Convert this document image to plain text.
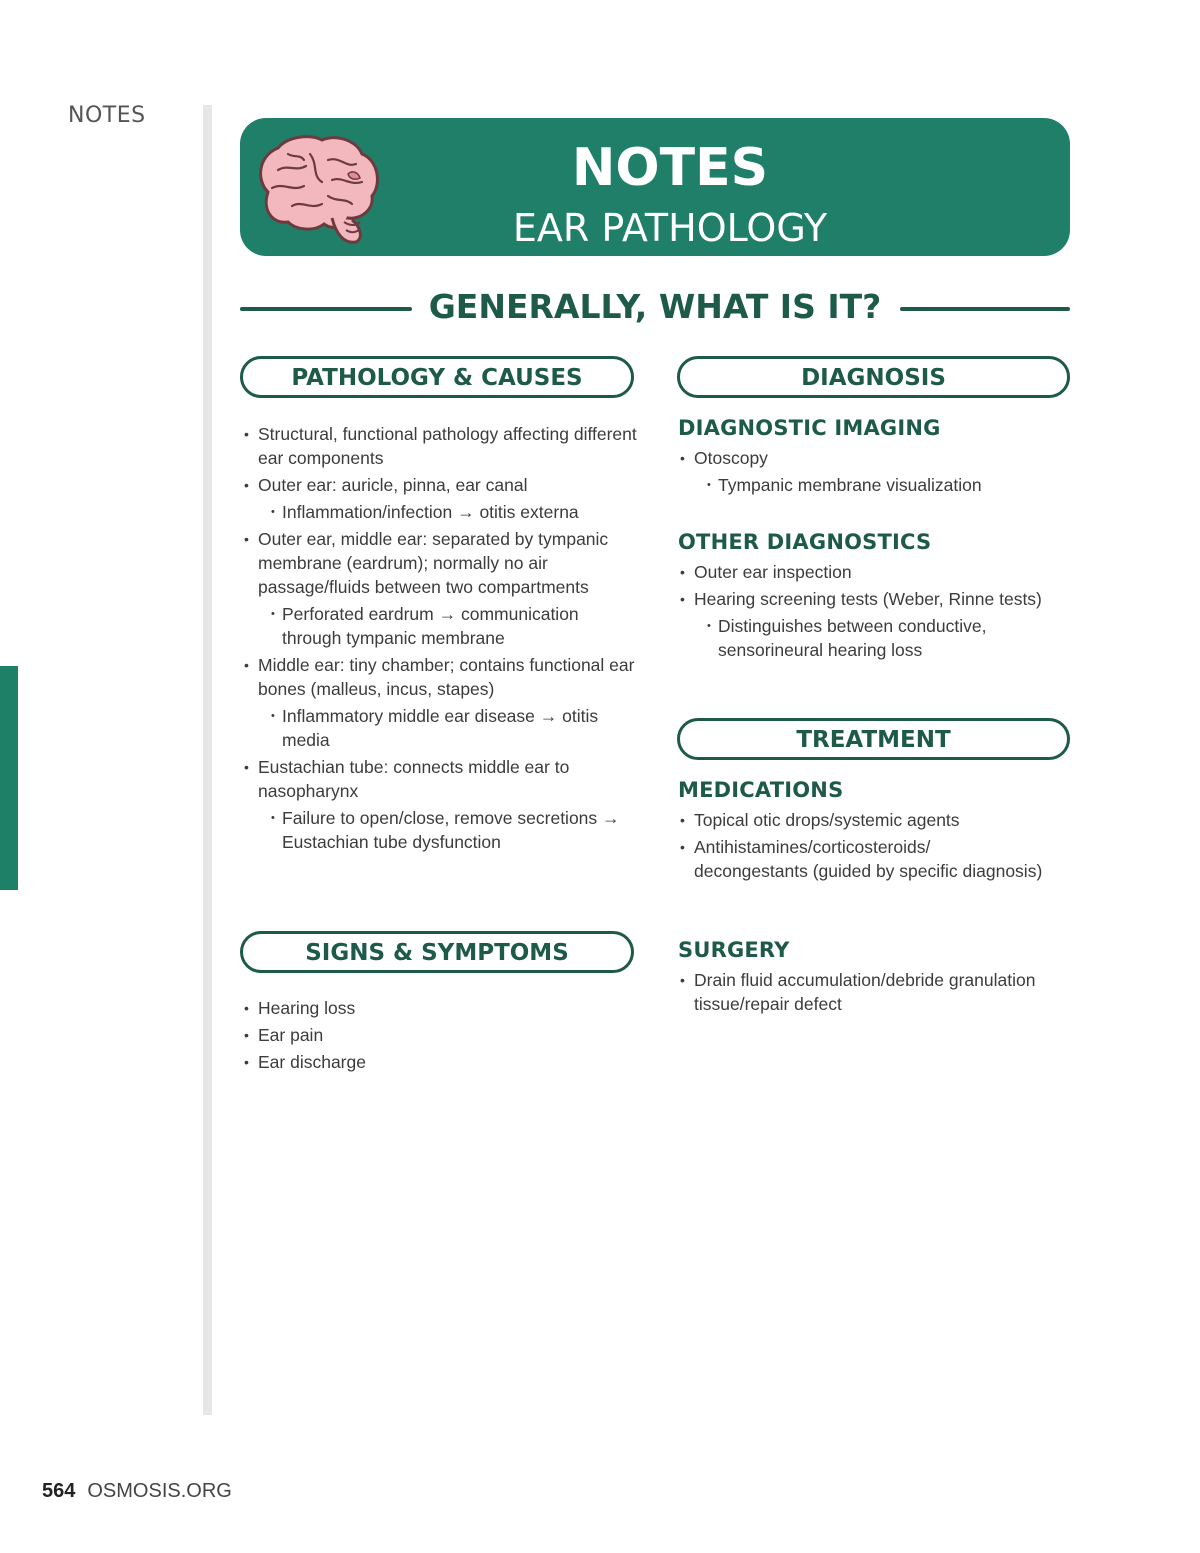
NOTES
NOTES
EAR PATHOLOGY
GENERALLY, WHAT IS IT?
PATHOLOGY & CAUSES
• Structural, functional pathology affecting different ear components
• Outer ear: auricle, pinna, ear canal
• Inflammation/infection → otitis externa
• Outer ear, middle ear: separated by tympanic membrane (eardrum); normally no air passage/fluids between two compartments
• Perforated eardrum → communication through tympanic membrane
• Middle ear: tiny chamber; contains functional ear bones (malleus, incus, stapes)
• Inflammatory middle ear disease → otitis media
• Eustachian tube: connects middle ear to nasopharynx
• Failure to open/close, remove secretions → Eustachian tube dysfunction
SIGNS & SYMPTOMS
• Hearing loss
• Ear pain
• Ear discharge
DIAGNOSIS
DIAGNOSTIC IMAGING
• Otoscopy
• Tympanic membrane visualization
OTHER DIAGNOSTICS
• Outer ear inspection
• Hearing screening tests (Weber, Rinne tests)
• Distinguishes between conductive, sensorineural hearing loss
TREATMENT
MEDICATIONS
• Topical otic drops/systemic agents
• Antihistamines/corticosteroids/ decongestants (guided by specific diagnosis)
SURGERY
• Drain fluid accumulation/debride granulation tissue/repair defect
564 OSMOSIS.ORG
